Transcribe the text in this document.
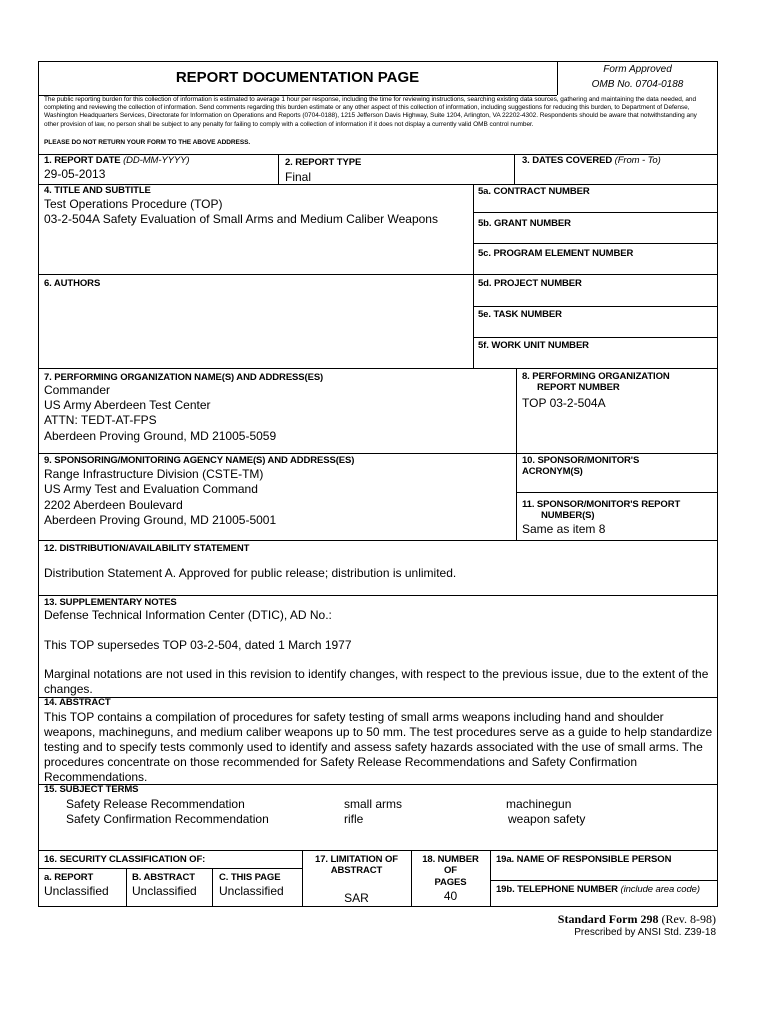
REPORT DOCUMENTATION PAGE	Form Approved
OMB No. 0704-0188
The public reporting burden for this collection of information is estimated to average 1 hour per response, including the time for reviewing instructions, searching existing data sources, gathering and maintaining the data needed, and completing and reviewing the collection of information. Send comments regarding this burden estimate or any other aspect of this collection of information, including suggestions for reducing this burden, to Department of Defense, Washington Headquarters Services, Directorate for Information on Operations and Reports (0704-0188), 1215 Jefferson Davis Highway, Suite 1204, Arlington, VA 22202-4302. Respondents should be aware that notwithstanding any other provision of law, no person shall be subject to any penalty for failing to comply with a collection of information if it does not display a currently valid OMB control number.
PLEASE DO NOT RETURN YOUR FORM TO THE ABOVE ADDRESS.
1. REPORT DATE (DD-MM-YYYY)
29-05-2013
2. REPORT TYPE
Final
3. DATES COVERED (From - To)
4. TITLE AND SUBTITLE
Test Operations Procedure (TOP)
03-2-504A Safety Evaluation of Small Arms and Medium Caliber Weapons
5a. CONTRACT NUMBER
5b. GRANT NUMBER
5c. PROGRAM ELEMENT NUMBER
6. AUTHORS	5d. PROJECT NUMBER
5e. TASK NUMBER
5f. WORK UNIT NUMBER
7. PERFORMING ORGANIZATION NAME(S) AND ADDRESS(ES)
Commander
US Army Aberdeen Test Center
ATTN: TEDT-AT-FPS
Aberdeen Proving Ground, MD 21005-5059
8. PERFORMING ORGANIZATION
REPORT NUMBER
TOP 03-2-504A
9. SPONSORING/MONITORING AGENCY NAME(S) AND ADDRESS(ES)
Range Infrastructure Division (CSTE-TM)
US Army Test and Evaluation Command
2202 Aberdeen Boulevard
Aberdeen Proving Ground, MD 21005-5001
10. SPONSOR/MONITOR'S
ACRONYM(S)
11. SPONSOR/MONITOR'S REPORT
NUMBER(S)
Same as item 8
12. DISTRIBUTION/AVAILABILITY STATEMENT
Distribution Statement A. Approved for public release; distribution is unlimited.
13. SUPPLEMENTARY NOTES
Defense Technical Information Center (DTIC), AD No.:
This TOP supersedes TOP 03-2-504, dated 1 March 1977
Marginal notations are not used in this revision to identify changes, with respect to the previous issue, due to the extent of the changes.
14. ABSTRACT
This TOP contains a compilation of procedures for safety testing of small arms weapons including hand and shoulder weapons, machineguns, and medium caliber weapons up to 50 mm. The test procedures serve as a guide to help standardize testing and to specify tests commonly used to identify and assess safety hazards associated with the use of small arms. The procedures concentrate on those recommended for Safety Release Recommendations and Safety Confirmation Recommendations.
15. SUBJECT TERMS
Safety Release Recommendation	small arms	machinegun
Safety Confirmation Recommendation	rifle	weapon safety
16. SECURITY CLASSIFICATION OF:
a. REPORT
Unclassified
B. ABSTRACT
Unclassified
C. THIS PAGE
Unclassified
17. LIMITATION OF
ABSTRACT
SAR
18. NUMBER
OF
PAGES
40
19a. NAME OF RESPONSIBLE PERSON
19b. TELEPHONE NUMBER (include area code)
Standard Form 298 (Rev. 8-98)
Prescribed by ANSI Std. Z39-18
